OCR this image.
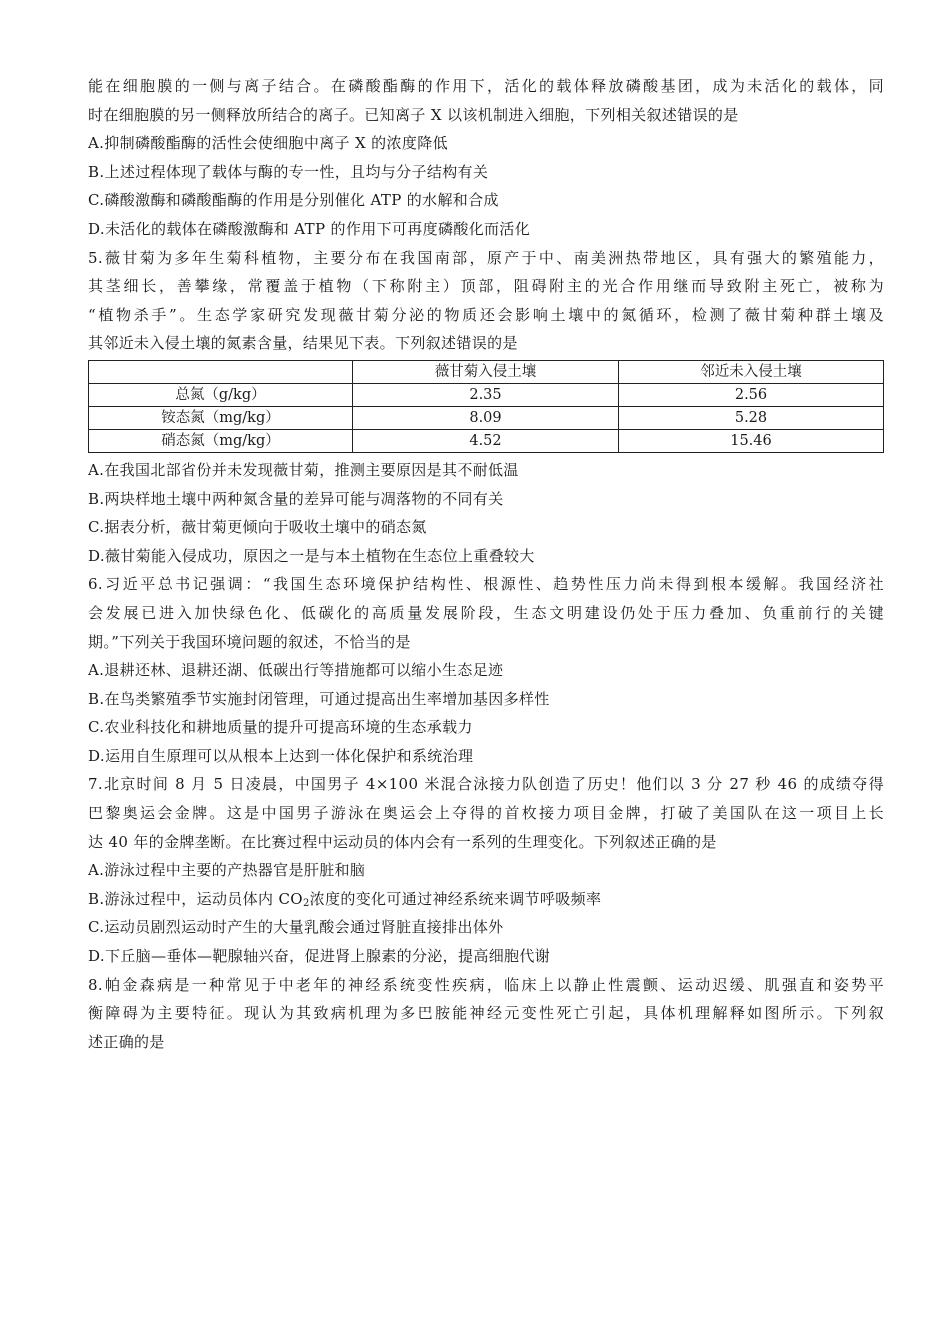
能在细胞膜的一侧与离子结合。在磷酸酯酶的作用下，活化的载体释放磷酸基团，成为未活化的载体，同
时在细胞膜的另一侧释放所结合的离子。已知离子 X 以该机制进入细胞，下列相关叙述错误的是
A.抑制磷酸酯酶的活性会使细胞中离子 X 的浓度降低
B.上述过程体现了载体与酶的专一性，且均与分子结构有关
C.磷酸激酶和磷酸酯酶的作用是分别催化 ATP 的水解和合成
D.未活化的载体在磷酸激酶和 ATP 的作用下可再度磷酸化而活化
5.薇甘菊为多年生菊科植物，主要分布在我国南部，原产于中、南美洲热带地区，具有强大的繁殖能力，
其茎细长，善攀缘，常覆盖于植物（下称附主）顶部，阻碍附主的光合作用继而导致附主死亡，被称为
“植物杀手”。生态学家研究发现薇甘菊分泌的物质还会影响土壤中的氮循环，检测了薇甘菊种群土壤及
其邻近未入侵土壤的氮素含量，结果见下表。下列叙述错误的是
	薇甘菊入侵土壤	邻近未入侵土壤
总氮（g/kg）	2.35	2.56
铵态氮（mg/kg）	8.09	5.28
硝态氮（mg/kg）	4.52	15.46
A.在我国北部省份并未发现薇甘菊，推测主要原因是其不耐低温
B.两块样地土壤中两种氮含量的差异可能与凋落物的不同有关
C.据表分析，薇甘菊更倾向于吸收土壤中的硝态氮
D.薇甘菊能入侵成功，原因之一是与本土植物在生态位上重叠较大
6.习近平总书记强调：“我国生态环境保护结构性、根源性、趋势性压力尚未得到根本缓解。我国经济社
会发展已进入加快绿色化、低碳化的高质量发展阶段，生态文明建设仍处于压力叠加、负重前行的关键
期。”下列关于我国环境问题的叙述，不恰当的是
A.退耕还林、退耕还湖、低碳出行等措施都可以缩小生态足迹
B.在鸟类繁殖季节实施封闭管理，可通过提高出生率增加基因多样性
C.农业科技化和耕地质量的提升可提高环境的生态承载力
D.运用自生原理可以从根本上达到一体化保护和系统治理
7.北京时间 8 月 5 日凌晨，中国男子 4×100 米混合泳接力队创造了历史！他们以 3 分 27 秒 46 的成绩夺得
巴黎奥运会金牌。这是中国男子游泳在奥运会上夺得的首枚接力项目金牌，打破了美国队在这一项目上长
达 40 年的金牌垄断。在比赛过程中运动员的体内会有一系列的生理变化。下列叙述正确的是
A.游泳过程中主要的产热器官是肝脏和脑
B.游泳过程中，运动员体内 $CO_2$浓度的变化可通过神经系统来调节呼吸频率
C.运动员剧烈运动时产生的大量乳酸会通过肾脏直接排出体外
D.下丘脑—垂体—靶腺轴兴奋，促进肾上腺素的分泌，提高细胞代谢
8.帕金森病是一种常见于中老年的神经系统变性疾病，临床上以静止性震颤、运动迟缓、肌强直和姿势平
衡障碍为主要特征。现认为其致病机理为多巴胺能神经元变性死亡引起，具体机理解释如图所示。下列叙
述正确的是
